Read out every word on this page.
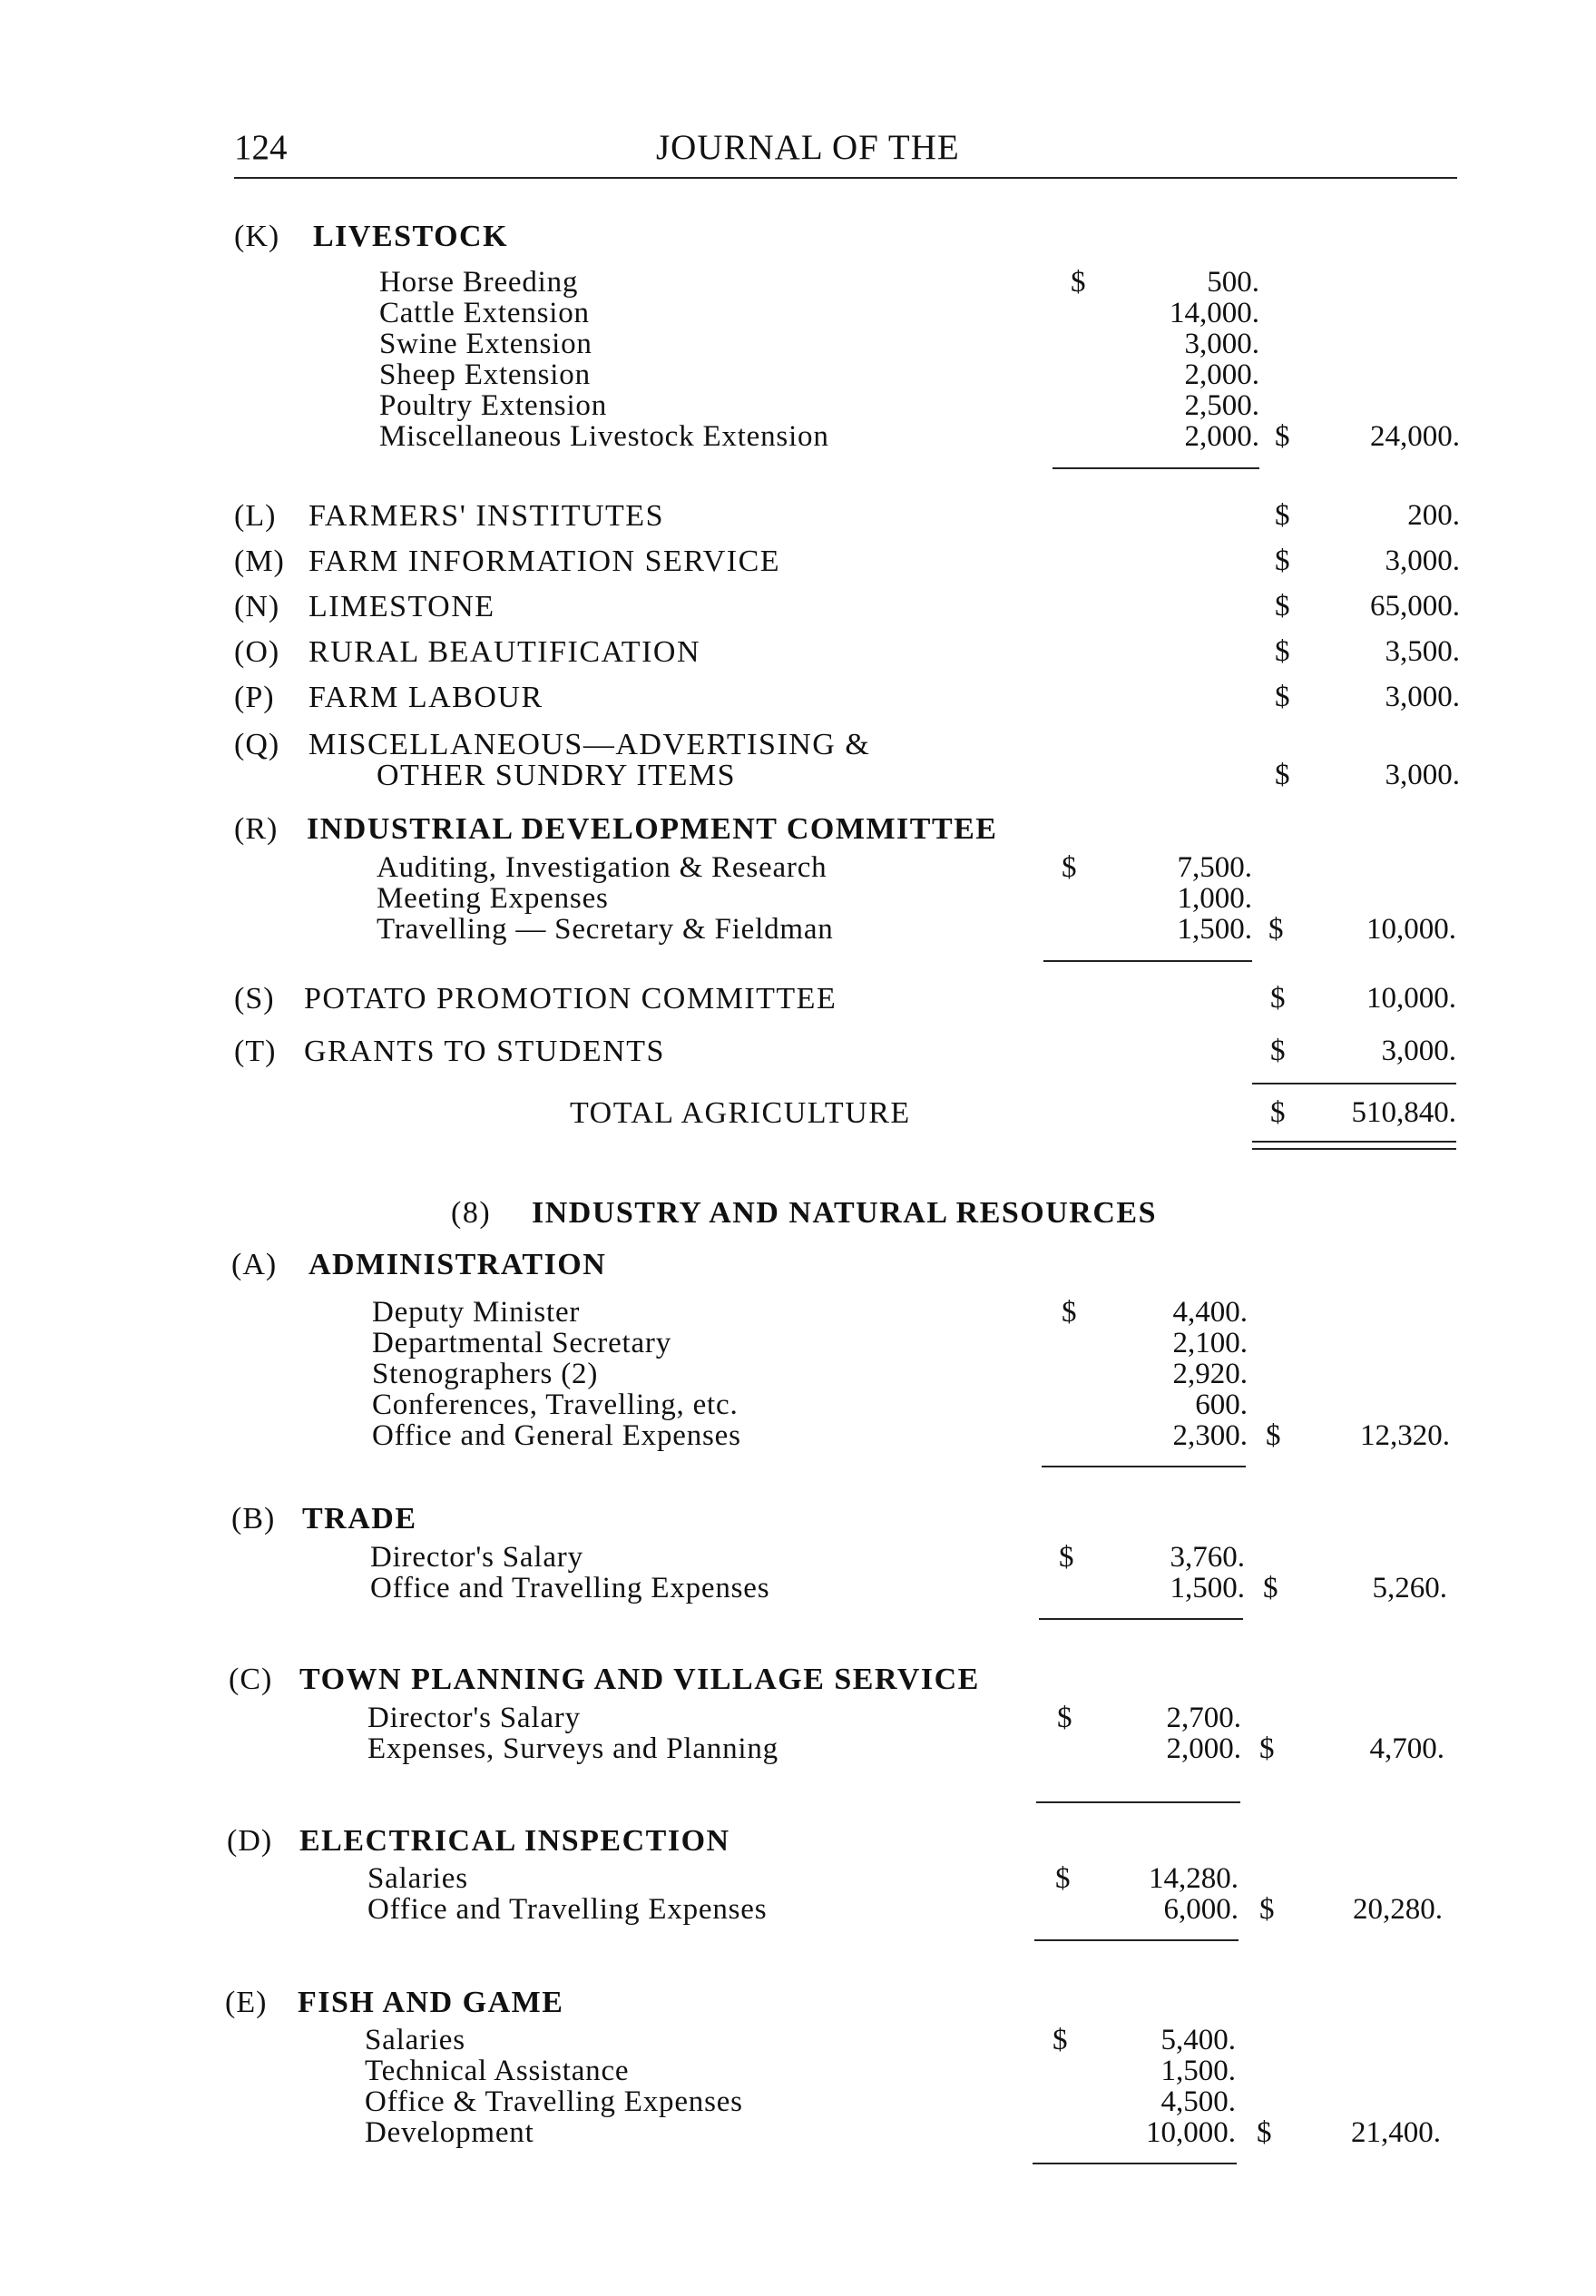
124	JOURNAL OF THE
(K) LIVESTOCK
Horse Breeding	$	500.
Cattle Extension	14,000.
Swine Extension	3,000.
Sheep Extension	2,000.
Poultry Extension	2,500.
Miscellaneous Livestock Extension	2,000. $	24,000.
(L) FARMERS' INSTITUTES	$	200.
(M) FARM INFORMATION SERVICE	$	3,000.
(N) LIMESTONE	$	65,000.
(O) RURAL BEAUTIFICATION	$	3,500.
(P) FARM LABOUR	$	3,000.
(Q) MISCELLANEOUS—ADVERTISING &
OTHER SUNDRY ITEMS	$	3,000.
(R) INDUSTRIAL DEVELOPMENT COMMITTEE
Auditing, Investigation & Research	$	7,500.
Meeting Expenses	1,000.
Travelling — Secretary & Fieldman	1,500. $	10,000.
(S) POTATO PROMOTION COMMITTEE	$	10,000.
(T) GRANTS TO STUDENTS	$	3,000.
TOTAL AGRICULTURE	$	510,840.
(8) INDUSTRY AND NATURAL RESOURCES
(A) ADMINISTRATION
Deputy Minister	$	4,400.
Departmental Secretary	2,100.
Stenographers (2)	2,920.
Conferences, Travelling, etc.	600.
Office and General Expenses	2,300. $	12,320.
(B) TRADE
Director's Salary	$	3,760.
Office and Travelling Expenses	1,500. $	5,260.
(C) TOWN PLANNING AND VILLAGE SERVICE
Director's Salary	$	2,700.
Expenses, Surveys and Planning	2,000. $	4,700.
(D) ELECTRICAL INSPECTION
Salaries	$	14,280.
Office and Travelling Expenses	6,000. $	20,280.
(E) FISH AND GAME
Salaries	$	5,400.
Technical Assistance	1,500.
Office & Travelling Expenses	4,500.
Development	10,000. $	21,400.
